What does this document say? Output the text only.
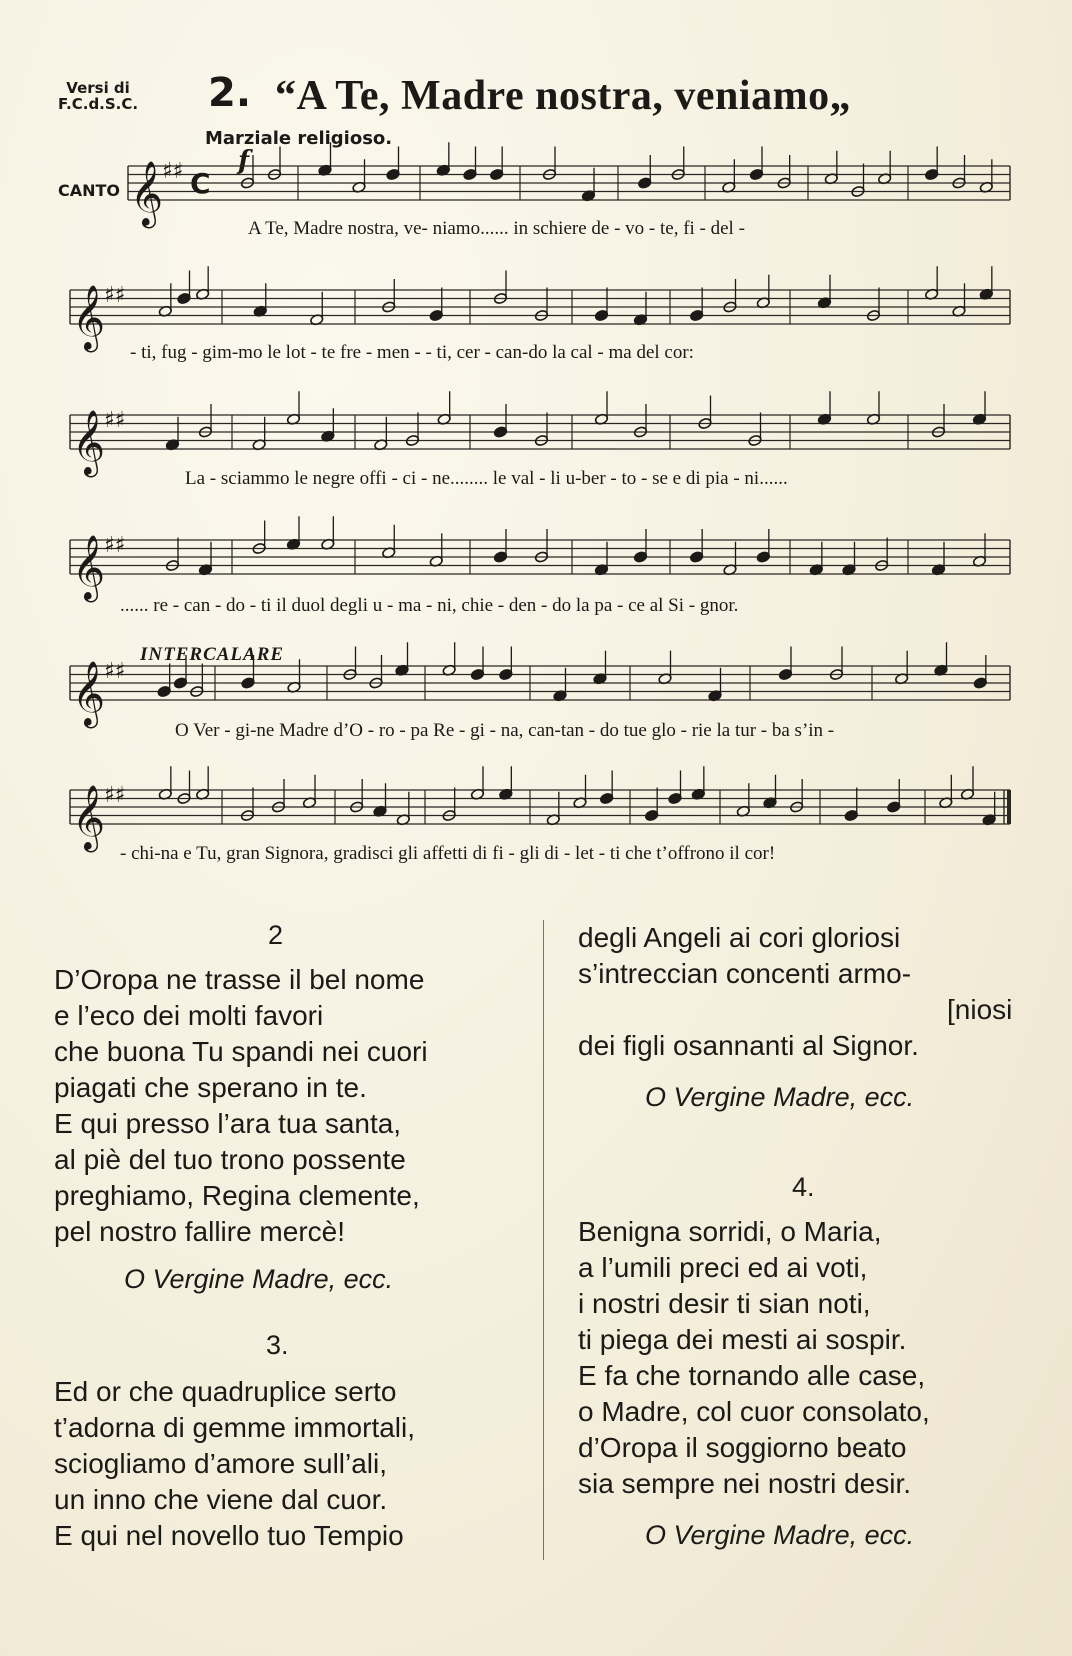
Versi di
F.C.d.S.C. 2. “A Te, Madre nostra, veniamo„
Marziale religioso.
CANTO
f
INTERCALARE
𝄞
♯♯ C
𝄞
♯♯
𝄞
♯♯
𝄞
♯♯
𝄞
♯♯
𝄞
♯♯
A Te, Madre nostra, ve- niamo...... in schiere de - vo - te, fi - del -
- ti, fug - gim-mo le lot - te fre - men - - ti, cer - can-do la cal - ma del cor:
La - sciammo le negre offi - ci - ne........ le val - li u-ber - to - se e di pia - ni......
...... re - can - do - ti il duol degli u - ma - ni, chie - den - do la pa - ce al Si - gnor.
O Ver - gi-ne Madre d’O - ro - pa Re - gi - na, can-tan - do tue glo - rie la tur - ba s’in -
- chi-na e Tu, gran Signora, gradisci gli affetti di fi - gli di - let - ti che t’offrono il cor!
2
D’Oropa ne trasse il bel nome
e l’eco dei molti favori
che buona Tu spandi nei cuori
piagati che sperano in te.
E qui presso l’ara tua santa,
al piè del tuo trono possente
preghiamo, Regina clemente,
pel nostro fallire mercè!
O Vergine Madre, ecc.
3.
Ed or che quadruplice serto
t’adorna di gemme immortali,
sciogliamo d’amore sull’ali,
un inno che viene dal cuor.
E qui nel novello tuo Tempio
degli Angeli ai cori gloriosi
s’intreccian concenti armo-
[niosi
dei figli osannanti al Signor.
O Vergine Madre, ecc.
4.
Benigna sorridi, o Maria,
a l’umili preci ed ai voti,
i nostri desir ti sian noti,
ti piega dei mesti ai sospir.
E fa che tornando alle case,
o Madre, col cuor consolato,
d’Oropa il soggiorno beato
sia sempre nei nostri desir.
O Vergine Madre, ecc.
